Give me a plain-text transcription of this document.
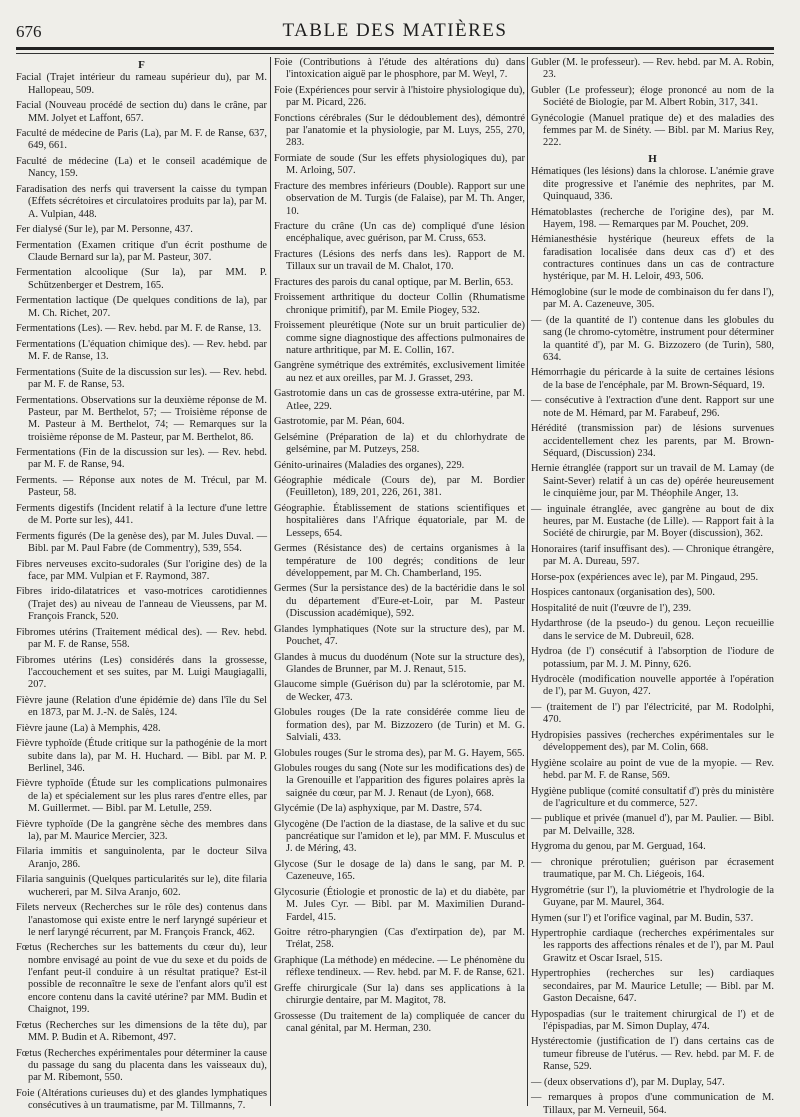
676	TABLE DES MATIÈRES
F
Facial (Trajet intérieur du rameau supérieur du), par M. Hallopeau, 509.
Facial (Nouveau procédé de section du) dans le crâne, par MM. Jolyet et Laffont, 657.
Faculté de médecine de Paris (La), par M. F. de Ranse, 637, 649, 661.
Faculté de médecine (La) et le conseil académique de Nancy, 159.
Faradisation des nerfs qui traversent la caisse du tympan (Effets sécrétoires et circulatoires produits par la), par M. A. Vulpian, 448.
Fer dialysé (Sur le), par M. Personne, 437.
Fermentation (Examen critique d'un écrit posthume de Claude Bernard sur la), par M. Pasteur, 307.
Fermentation alcoolique (Sur la), par MM. P. Schützenberger et Destrem, 165.
Fermentation lactique (De quelques conditions de la), par M. Ch. Richet, 207.
Fermentations (Les). — Rev. hebd. par M. F. de Ranse, 13.
Fermentations (L'équation chimique des). — Rev. hebd. par M. F. de Ranse, 13.
Fermentations (Suite de la discussion sur les). — Rev. hebd. par M. F. de Ranse, 53.
Fermentations. Observations sur la deuxième réponse de M. Pasteur, par M. Berthelot, 57; — Troisième réponse de M. Pasteur à M. Berthelot, 74; — Remarques sur la troisième réponse de M. Pasteur, par M. Berthelot, 86.
Fermentations (Fin de la discussion sur les). — Rev. hebd. par M. F. de Ranse, 94.
Ferments. — Réponse aux notes de M. Trécul, par M. Pasteur, 58.
Ferments digestifs (Incident relatif à la lecture d'une lettre de M. Porte sur les), 441.
Ferments figurés (De la genèse des), par M. Jules Duval. — Bibl. par M. Paul Fabre (de Commentry), 539, 554.
Fibres nerveuses excito-sudorales (Sur l'origine des) de la face, par MM. Vulpian et F. Raymond, 387.
Fibres irido-dilatatrices et vaso-motrices carotidiennes (Trajet des) au niveau de l'anneau de Vieussens, par M. François Franck, 520.
Fibromes utérins (Traitement médical des). — Rev. hebd. par M. F. de Ranse, 558.
Fibromes utérins (Les) considérés dans la grossesse, l'accouchement et ses suites, par M. Luigi Maugiagalli, 207.
Fièvre jaune (Relation d'une épidémie de) dans l'île du Sel en 1873, par M. J.-N. de Salès, 124.
Fièvre jaune (La) à Memphis, 428.
Fièvre typhoïde (Étude critique sur la pathogénie de la mort subite dans la), par M. H. Huchard. — Bibl. par M. P. Berlinel, 346.
Fièvre typhoïde (Étude sur les complications pulmonaires de la) et spécialement sur les plus rares d'entre elles, par M. Guillermet. — Bibl. par M. Letulle, 259.
Fièvre typhoïde (De la gangrène sèche des membres dans la), par M. Maurice Mercier, 323.
Filaria immitis et sanguinolenta, par le docteur Silva Aranjo, 286.
Filaria sanguinis (Quelques particularités sur le), dite filaria wuchereri, par M. Silva Aranjo, 602.
Filets nerveux (Recherches sur le rôle des) contenus dans l'anastomose qui existe entre le nerf laryngé supérieur et le nerf laryngé récurrent, par M. François Franck, 462.
Fœtus (Recherches sur les battements du cœur du), leur nombre envisagé au point de vue du sexe et du poids de l'enfant peut-il conduire à un résultat pratique? Est-il possible de reconnaître le sexe de l'enfant alors qu'il est encore contenu dans la cavité utérine? par MM. Budin et Chaignot, 199.
Fœtus (Recherches sur les dimensions de la tête du), par MM. P. Budin et A. Ribemont, 497.
Fœtus (Recherches expérimentales pour déterminer la cause du passage du sang du placenta dans les vaisseaux du), par M. Ribemont, 550.
Foie (Altérations curieuses du) et des glandes lymphatiques consécutives à un traumatisme, par M. Tillmanns, 7.
Foie (Contributions à l'étude des altérations du) dans l'intoxication aiguë par le phosphore, par M. Weyl, 7.
Foie (Expériences pour servir à l'histoire physiologique du), par M. Picard, 226.
Fonctions cérébrales (Sur le dédoublement des), démontré par l'anatomie et la physiologie, par M. Luys, 255, 270, 283.
Formiate de soude (Sur les effets physiologiques du), par M. Arloing, 507.
Fracture des membres inférieurs (Double). Rapport sur une observation de M. Turgis (de Falaise), par M. Th. Anger, 10.
Fracture du crâne (Un cas de) compliqué d'une lésion encéphalique, avec guérison, par M. Cruss, 653.
Fractures (Lésions des nerfs dans les). Rapport de M. Tillaux sur un travail de M. Chalot, 170.
Fractures des parois du canal optique, par M. Berlin, 653.
Froissement arthritique du docteur Collin (Rhumatisme chronique primitif), par M. Emile Piogey, 532.
Froissement pleurétique (Note sur un bruit particulier de) comme signe diagnostique des affections pulmonaires de nature arthritique, par M. E. Collin, 167.
Gangrène symétrique des extrémités, exclusivement limitée au nez et aux oreilles, par M. J. Grasset, 293.
Gastrotomie dans un cas de grossesse extra-utérine, par M. Atlee, 229.
Gastrotomie, par M. Péan, 604.
Gelsémine (Préparation de la) et du chlorhydrate de gelsémine, par M. Putzeys, 258.
Génito-urinaires (Maladies des organes), 229.
Géographie médicale (Cours de), par M. Bordier (Feuilleton), 189, 201, 226, 261, 381.
Géographie. Établissement de stations scientifiques et hospitalières dans l'Afrique équatoriale, par M. de Lesseps, 654.
Germes (Résistance des) de certains organismes à la température de 100 degrés; conditions de leur développement, par M. Ch. Chamberland, 195.
Germes (Sur la persistance des) de la bactéridie dans le sol du département d'Eure-et-Loir, par M. Pasteur (Discussion académique), 592.
Glandes lymphatiques (Note sur la structure des), par M. Pouchet, 47.
Glandes à mucus du duodénum (Note sur la structure des), Glandes de Brunner, par M. J. Renaut, 515.
Glaucome simple (Guérison du) par la sclérotomie, par M. de Wecker, 473.
Globules rouges (De la rate considérée comme lieu de formation des), par M. Bizzozero (de Turin) et M. G. Salviali, 433.
Globules rouges (Sur le stroma des), par M. G. Hayem, 565.
Globules rouges du sang (Note sur les modifications des) de la Grenouille et l'apparition des figures polaires après la saignée du cœur, par M. J. Renaut (de Lyon), 668.
Glycémie (De la) asphyxique, par M. Dastre, 574.
Glycogène (De l'action de la diastase, de la salive et du suc pancréatique sur l'amidon et le), par MM. F. Musculus et J. de Méring, 43.
Glycose (Sur le dosage de la) dans le sang, par M. P. Cazeneuve, 165.
Glycosurie (Étiologie et pronostic de la) et du diabète, par M. Jules Cyr. — Bibl. par M. Maximilien Durand-Fardel, 415.
Goitre rétro-pharyngien (Cas d'extirpation de), par M. Trélat, 258.
Graphique (La méthode) en médecine. — Le phénomène du réflexe tendineux. — Rev. hebd. par M. F. de Ranse, 621.
Greffe chirurgicale (Sur la) dans ses applications à la chirurgie dentaire, par M. Magitot, 78.
Grossesse (Du traitement de la) compliquée de cancer du canal génital, par M. Herman, 230.
Gubler (M. le professeur). — Rev. hebd. par M. A. Robin, 23.
Gubler (Le professeur); éloge prononcé au nom de la Société de Biologie, par M. Albert Robin, 317, 341.
Gynécologie (Manuel pratique de) et des maladies des femmes par M. de Sinéty. — Bibl. par M. Marius Rey, 222.
H
Hématiques (les lésions) dans la chlorose. L'anémie grave dite progressive et l'anémie des nephrites, par M. Quinquaud, 336.
Hématoblastes (recherche de l'origine des), par M. Hayem, 198. — Remarques par M. Pouchet, 209.
Hémianesthésie hystérique (heureux effets de la faradisation localisée dans deux cas d') et des contractures continues dans un cas de contracture hystérique, par M. H. Leloir, 493, 506.
Hémoglobine (sur le mode de combinaison du fer dans l'), par M. A. Cazeneuve, 305.
— (de la quantité de l') contenue dans les globules du sang (le chromo-cytomètre, instrument pour déterminer la quantité d'), par M. G. Bizzozero (de Turin), 580, 634.
Hémorrhagie du péricarde à la suite de certaines lésions de la base de l'encéphale, par M. Brown-Séquard, 19.
— consécutive à l'extraction d'une dent. Rapport sur une note de M. Hémard, par M. Farabeuf, 296.
Hérédité (transmission par) de lésions survenues accidentellement chez les parents, par M. Brown-Séquard, (Discussion) 234.
Hernie étranglée (rapport sur un travail de M. Lamay (de Saint-Sever) relatif à un cas de) opérée heureusement le cinquième jour, par M. Théophile Anger, 13.
— inguinale étranglée, avec gangrène au bout de dix heures, par M. Eustache (de Lille). — Rapport fait à la Société de chirurgie, par M. Boyer (discussion), 362.
Honoraires (tarif insuffisant des). — Chronique étrangère, par M. A. Dureau, 597.
Horse-pox (expériences avec le), par M. Pingaud, 295.
Hospices cantonaux (organisation des), 500.
Hospitalité de nuit (l'œuvre de l'), 239.
Hydarthrose (de la pseudo-) du genou. Leçon recueillie dans le service de M. Dubreuil, 628.
Hydroa (de l') consécutif à l'absorption de l'iodure de potassium, par M. J. M. Pinny, 626.
Hydrocèle (modification nouvelle apportée à l'opération de l'), par M. Guyon, 427.
— (traitement de l') par l'électricité, par M. Rodolphi, 470.
Hydropisies passives (recherches expérimentales sur le développement des), par M. Colin, 668.
Hygiène scolaire au point de vue de la myopie. — Rev. hebd. par M. F. de Ranse, 569.
Hygiène publique (comité consultatif d') près du ministère de l'agriculture et du commerce, 527.
— publique et privée (manuel d'), par M. Paulier. — Bibl. par M. Delvaille, 328.
Hygroma du genou, par M. Gerguad, 164.
— chronique prérotulien; guérison par écrasement traumatique, par M. Ch. Liégeois, 164.
Hygrométrie (sur l'), la pluviométrie et l'hydrologie de la Guyane, par M. Maurel, 364.
Hymen (sur l') et l'orifice vaginal, par M. Budin, 537.
Hypertrophie cardiaque (recherches expérimentales sur les rapports des affections rénales et de l'), par M. Paul Grawitz et Oscar Israel, 515.
Hypertrophies (recherches sur les) cardiaques secondaires, par M. Maurice Letulle; — Bibl. par M. Gaston Decaisne, 647.
Hypospadias (sur le traitement chirurgical de l') et de l'épispadias, par M. Simon Duplay, 474.
Hystérectomie (justification de l') dans certains cas de tumeur fibreuse de l'utérus. — Rev. hebd. par M. F. de Ranse, 529.
— (deux observations d'), par M. Duplay, 547.
— remarques à propos d'une communication de M. Tillaux, par M. Verneuil, 564.
